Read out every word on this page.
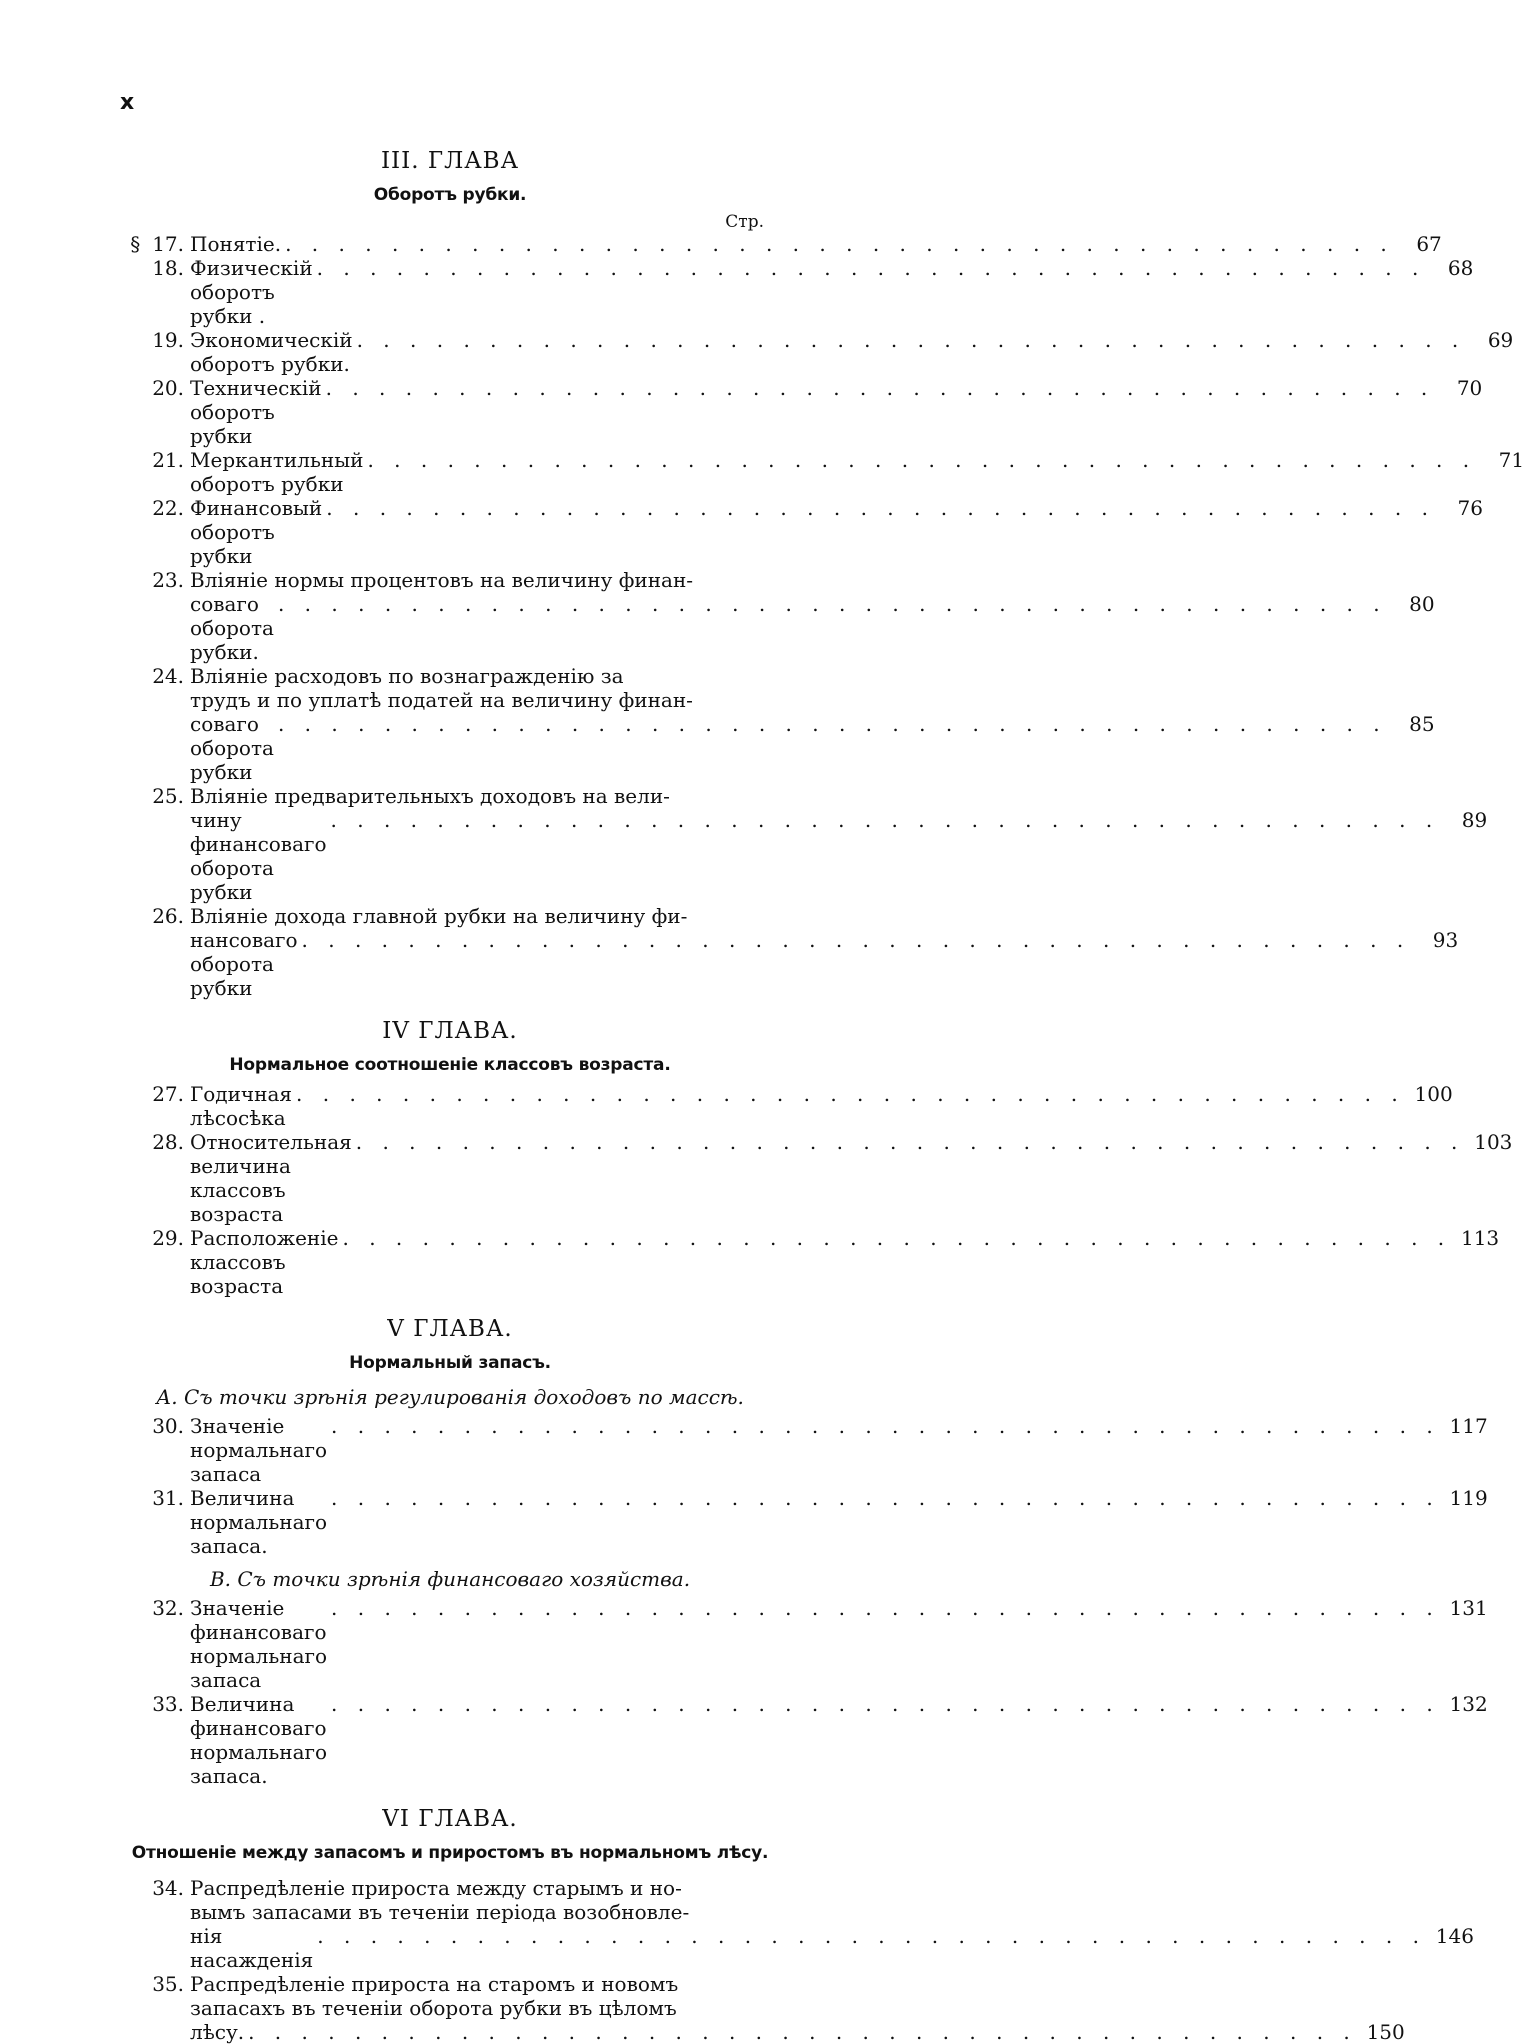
x
III. ГЛАВА
Оборотъ рубки.
Стр.
§ 17. Понятіе. . . .	67
18. Физическій оборотъ рубки .
. . .
68
19. Экономическій оборотъ рубки.
. . .
69
20. Техническій оборотъ рубки
. . .
70
21. Меркантильный оборотъ рубки
. . .
71
22. Финансовый оборотъ рубки
. . .
76
23. Вліяніе нормы процентовъ на величину финан-
соваго оборота рубки.
. . .
80
24. Вліяніе расходовъ по вознагражденію за
трудъ и по уплатѣ податей на величину финан-
соваго оборота рубки
. . .
85
25. Вліяніе предварительныхъ доходовъ на вели-
чину финансоваго оборота рубки
. . .
89
26. Вліяніе дохода главной рубки на величину фи-
нансоваго оборота рубки
. . .
93
IV ГЛАВА.
Нормальное соотношеніе классовъ возраста.
27. Годичная лѣсосѣка
. . .
100
28. Относительная величина классовъ возраста
. . .
103
29. Расположеніе классовъ возраста
. . .
113
V ГЛАВА.
Нормальный запасъ.
А. Съ точки зрѣнія регулированія доходовъ по массѣ.
30. Значеніе нормальнаго запаса
. . .
117
31. Величина нормальнаго запаса.
. . .
119
B. Съ точки зрѣнія финансоваго хозяйства.
32. Значеніе финансоваго нормальнаго запаса
. . .
131
33. Величина финансоваго нормальнаго запаса.
. . .
132
VI ГЛАВА.
Отношеніе между запасомъ и приростомъ въ нормальномъ лѣсу.
34. Распредѣленіе прироста между старымъ и но-
вымъ запасами въ теченіи періода возобновле-
нія насажденія
. . .
146
35. Распредѣленіе прироста на старомъ и новомъ
запасахъ въ теченіи оборота рубки въ цѣломъ
лѣсу. . . .	150
